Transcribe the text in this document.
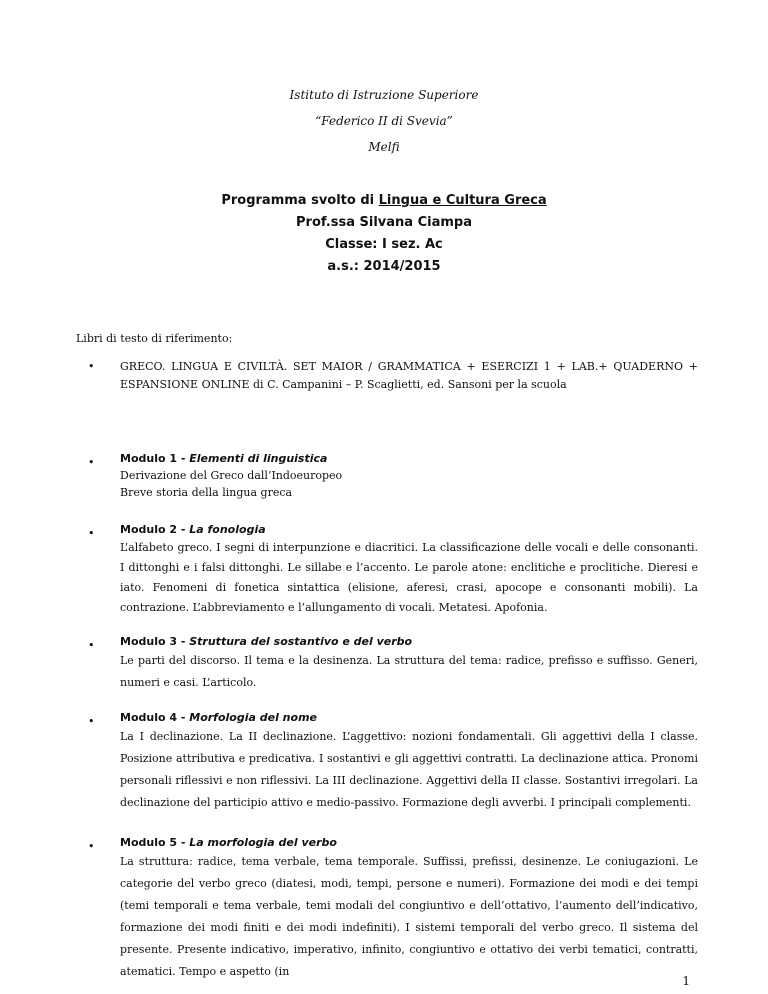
Istituto di Istruzione Superiore
“Federico II di Svevia”
Melfi
Programma svolto di Lingua e Cultura Greca
Prof.ssa Silvana Ciampa
Classe: I sez. Ac
a.s.: 2014/2015
Libri di testo di riferimento:
• GRECO. LINGUA E CIVILTÀ. SET MAIOR / GRAMMATICA + ESERCIZI 1 + LAB.+ QUADERNO + ESPANSIONE ONLINE di C. Campanini – P. Scaglietti, ed. Sansoni per la scuola
• Modulo 1 - Elementi di linguistica
Derivazione del Greco dall’Indoeuropeo
Breve storia della lingua greca
• Modulo 2 - La fonologia
L’alfabeto greco. I segni di interpunzione e diacritici. La classificazione delle vocali e delle consonanti. I dittonghi e i falsi dittonghi. Le sillabe e l’accento. Le parole atone: enclitiche e proclitiche. Dieresi e iato. Fenomeni di fonetica sintattica (elisione, aferesi, crasi, apocope e consonanti mobili). La contrazione. L’abbreviamento e l’allungamento di vocali. Metatesi. Apofonia.
• Modulo 3 - Struttura del sostantivo e del verbo
Le parti del discorso. Il tema e la desinenza. La struttura del tema: radice, prefisso e suffisso. Generi, numeri e casi. L’articolo.
• Modulo 4 - Morfologia del nome
La I declinazione. La II declinazione. L’aggettivo: nozioni fondamentali. Gli aggettivi della I classe. Posizione attributiva e predicativa. I sostantivi e gli aggettivi contratti. La declinazione attica. Pronomi personali riflessivi e non riflessivi. La III declinazione. Aggettivi della II classe. Sostantivi irregolari. La declinazione del participio attivo e medio-passivo. Formazione degli avverbi. I principali complementi.
• Modulo 5 - La morfologia del verbo
La struttura: radice, tema verbale, tema temporale. Suffissi, prefissi, desinenze. Le coniugazioni. Le categorie del verbo greco (diatesi, modi, tempi, persone e numeri). Formazione dei modi e dei tempi (temi temporali e tema verbale, temi modali del congiuntivo e dell’ottativo, l’aumento dell’indicativo, formazione dei modi finiti e dei modi indefiniti). I sistemi temporali del verbo greco. Il sistema del presente. Presente indicativo, imperativo, infinito, congiuntivo e ottativo dei verbi tematici, contratti, atematici. Tempo e aspetto (in
1
